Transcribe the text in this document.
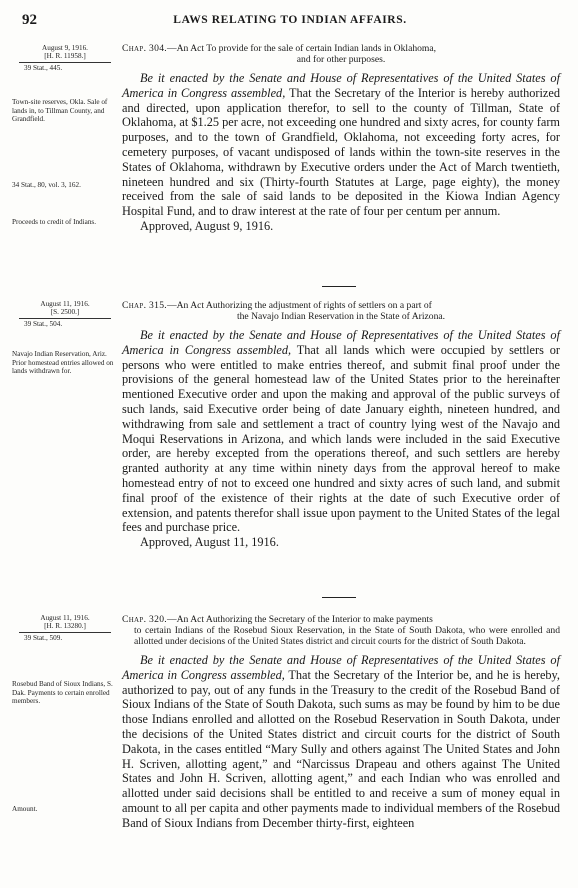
92	LAWS RELATING TO INDIAN AFFAIRS.
August 9, 1916.
[H. R. 11958.]
39 Stat., 445.
Town-site reserves, Okla. Sale of lands in, to Tillman County, and Grandfield.
34 Stat., 80, vol. 3, 162.
Proceeds to credit of Indians.
Chap. 304.—An Act To provide for the sale of certain Indian lands in Oklahoma,
and for other purposes.
Be it enacted by the Senate and House of Representatives of the United States of America in Congress assembled, That the Secretary of the Interior is hereby authorized and directed, upon application therefor, to sell to the county of Tillman, State of Oklahoma, at $1.25 per acre, not exceeding one hundred and sixty acres, for county farm purposes, and to the town of Grandfield, Oklahoma, not exceeding forty acres, for cemetery purposes, of vacant undisposed of lands within the town-site reserves in the States of Oklahoma, withdrawn by Executive orders under the Act of March twentieth, nineteen hundred and six (Thirty-fourth Statutes at Large, page eighty), the money received from the sale of said lands to be deposited in the Kiowa Indian Agency Hospital Fund, and to draw interest at the rate of four per centum per annum.
Approved, August 9, 1916.
August 11, 1916.
[S. 2500.]
39 Stat., 504.
Navajo Indian Reservation, Ariz. Prior homestead entries allowed on lands withdrawn for.
Chap. 315.—An Act Authorizing the adjustment of rights of settlers on a part of
the Navajo Indian Reservation in the State of Arizona.
Be it enacted by the Senate and House of Representatives of the United States of America in Congress assembled, That all lands which were occupied by settlers or persons who were entitled to make entries thereof, and submit final proof under the provisions of the general homestead law of the United States prior to the hereinafter mentioned Executive order and upon the making and approval of the public surveys of such lands, said Executive order being of date January eighth, nineteen hundred, and withdrawing from sale and settlement a tract of country lying west of the Navajo and Moqui Reservations in Arizona, and which lands were included in the said Executive order, are hereby excepted from the operations thereof, and such settlers are hereby granted authority at any time within ninety days from the approval hereof to make homestead entry of not to exceed one hundred and sixty acres of such land, and submit final proof of the existence of their rights at the date of such Executive order of extension, and patents therefor shall issue upon payment to the United States of the legal fees and purchase price.
Approved, August 11, 1916.
August 11, 1916.
[H. R. 13280.]
39 Stat., 509.
Rosebud Band of Sioux Indians, S. Dak. Payments to certain enrolled members.
Amount.
Chap. 320.—An Act Authorizing the Secretary of the Interior to make payments
to certain Indians of the Rosebud Sioux Reservation, in the State of South Dakota, who were enrolled and allotted under decisions of the United States district and circuit courts for the district of South Dakota.
Be it enacted by the Senate and House of Representatives of the United States of America in Congress assembled, That the Secretary of the Interior be, and he is hereby, authorized to pay, out of any funds in the Treasury to the credit of the Rosebud Band of Sioux Indians of the State of South Dakota, such sums as may be found by him to be due those Indians enrolled and allotted on the Rosebud Reservation in South Dakota, under the decisions of the United States district and circuit courts for the district of South Dakota, in the cases entitled “Mary Sully and others against The United States and John H. Scriven, allotting agent,” and “Narcissus Drapeau and others against The United States and John H. Scriven, allotting agent,” and each Indian who was enrolled and allotted under said decisions shall be entitled to and receive a sum of money equal in amount to all per capita and other payments made to individual members of the Rosebud Band of Sioux Indians from December thirty-first, eighteen
